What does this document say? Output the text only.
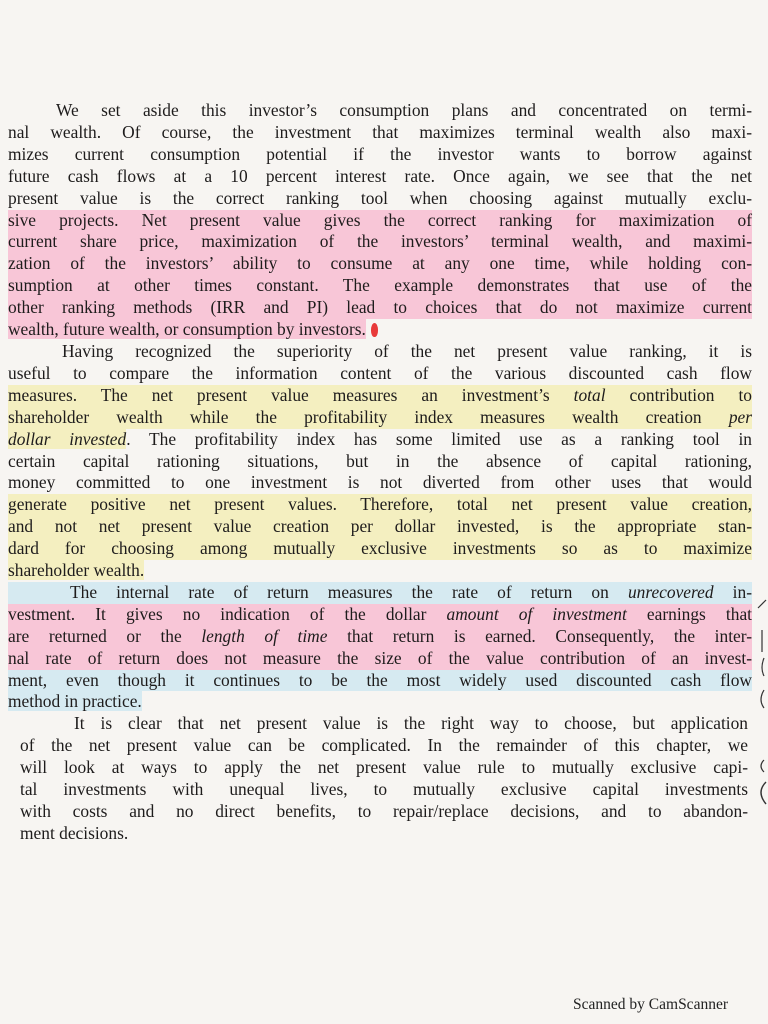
We set aside this investor’s consumption plans and concentrated on termi-
nal wealth. Of course, the investment that maximizes terminal wealth also maxi-
mizes current consumption potential if the investor wants to borrow against
future cash flows at a 10 percent interest rate. Once again, we see that the net
present value is the correct ranking tool when choosing against mutually exclu-
sive projects. Net present value gives the correct ranking for maximization of
current share price, maximization of the investors’ terminal wealth, and maximi-
zation of the investors’ ability to consume at any one time, while holding con-
sumption at other times constant. The example demonstrates that use of the
other ranking methods (IRR and PI) lead to choices that do not maximize current
wealth, future wealth, or consumption by investors.

Having recognized the superiority of the net present value ranking, it is
useful to compare the information content of the various discounted cash flow
measures. The net present value measures an investment’s total contribution to
shareholder wealth while the profitability index measures wealth creation per
dollar invested. The profitability index has some limited use as a ranking tool in
certain capital rationing situations, but in the absence of capital rationing,
money committed to one investment is not diverted from other uses that would
generate positive net present values. Therefore, total net present value creation,
and not net present value creation per dollar invested, is the appropriate stan-
dard for choosing among mutually exclusive investments so as to maximize
shareholder wealth.

The internal rate of return measures the rate of return on unrecovered in-
vestment. It gives no indication of the dollar amount of investment earnings that
are returned or the length of time that return is earned. Consequently, the inter-
nal rate of return does not measure the size of the value contribution of an invest-
ment, even though it continues to be the most widely used discounted cash flow
method in practice.

It is clear that net present value is the right way to choose, but application
of the net present value can be complicated. In the remainder of this chapter, we
will look at ways to apply the net present value rule to mutually exclusive capi-
tal investments with unequal lives, to mutually exclusive capital investments
with costs and no direct benefits, to repair/replace decisions, and to abandon-
ment decisions.

Scanned by CamScanner
